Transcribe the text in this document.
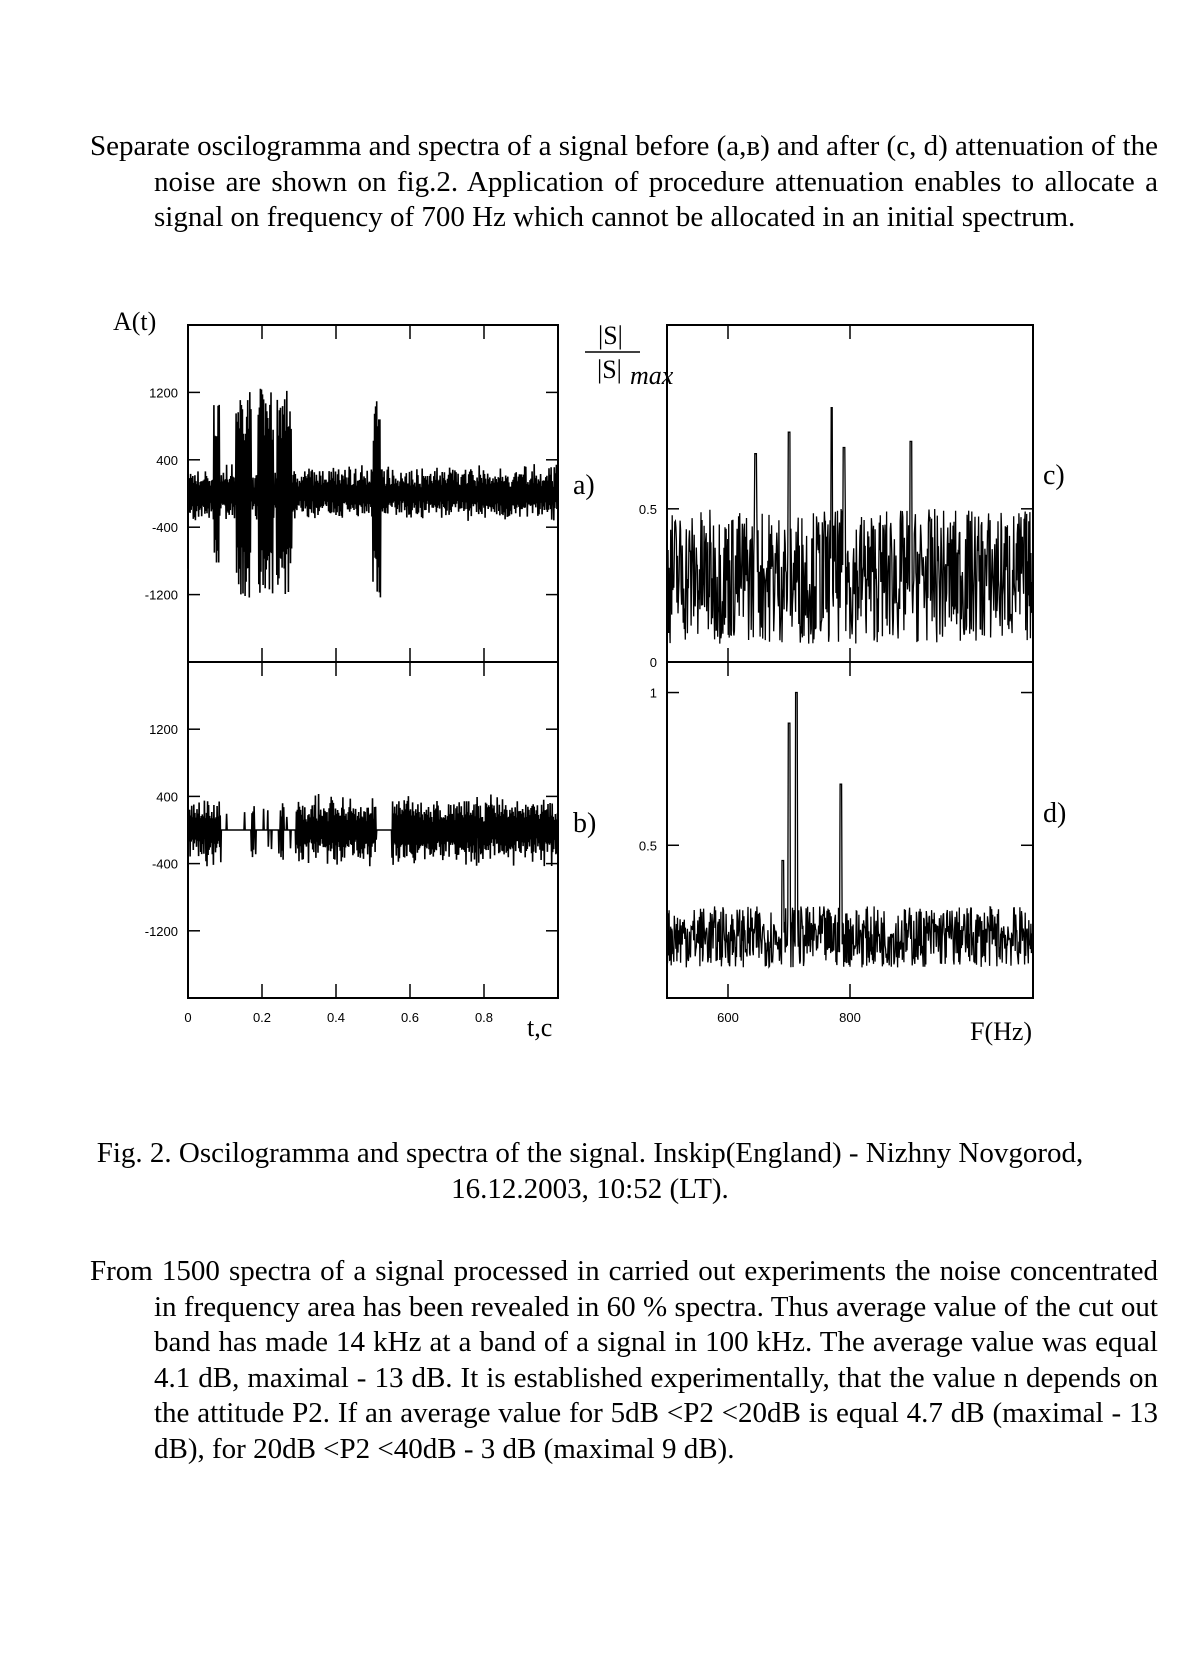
Separate oscilogramma and spectra of a signal before (a,в) and after (c, d) attenuation of the noise are shown on fig.2. Application of procedure attenuation enables to allocate a signal on frequency of 700 Hz which cannot be allocated in an initial spectrum.

A(t)	|S|
|S| max
a)
b)
c)
d)
t,c	F(Hz)
1200
400
-400
-1200
1200
400
-400
-1200
0	0.2	0.4	0.6	0.8
0.5
0
1
0.5
600	800

Fig. 2. Oscilogramma and spectra of the signal. Inskip(England) - Nizhny Novgorod, 16.12.2003, 10:52 (LT).

From 1500 spectra of a signal processed in carried out experiments the noise concentrated in frequency area has been revealed in 60 % spectra. Thus average value of the cut out band has made 14 kHz at a band of a signal in 100 kHz. The average value was equal 4.1 dB, maximal - 13 dB. It is established experimentally, that the value n depends on the attitude P2. If an average value for 5dB <P2 <20dB is equal 4.7 dB (maximal - 13 dB), for 20dB <P2 <40dB - 3 dB (maximal 9 dB).
